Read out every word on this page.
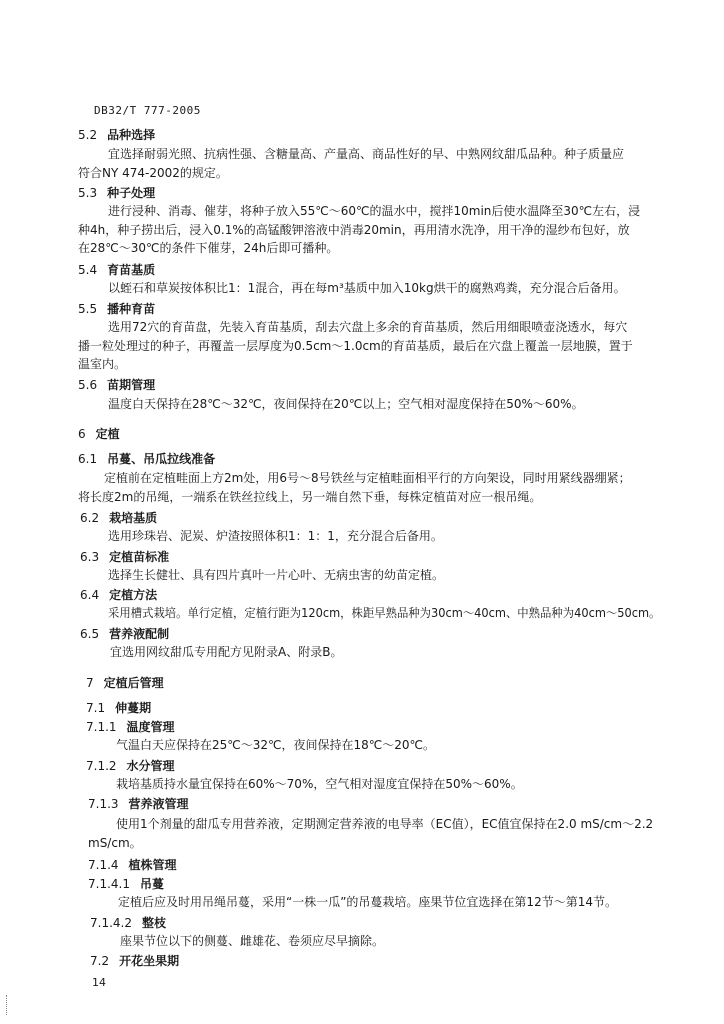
DB32/T 777-2005
5.2 品种选择
宜选择耐弱光照、抗病性强、含糖量高、产量高、商品性好的早、中熟网纹甜瓜品种。种子质量应
符合NY 474-2002的规定。
5.3 种子处理
进行浸种、消毒、催芽，将种子放入55℃～60℃的温水中，搅拌10min后使水温降至30℃左右，浸
种4h，种子捞出后，浸入0.1%的高锰酸钾溶液中消毒20min，再用清水洗净，用干净的湿纱布包好，放
在28℃～30℃的条件下催芽，24h后即可播种。
5.4 育苗基质
以蛭石和草炭按体积比1：1混合，再在每m³基质中加入10kg烘干的腐熟鸡粪，充分混合后备用。
5.5 播种育苗
选用72穴的育苗盘，先装入育苗基质，刮去穴盘上多余的育苗基质，然后用细眼喷壶浇透水，每穴
播一粒处理过的种子，再覆盖一层厚度为0.5cm～1.0cm的育苗基质，最后在穴盘上覆盖一层地膜，置于
温室内。
5.6 苗期管理
温度白天保持在28℃～32℃，夜间保持在20℃以上；空气相对湿度保持在50%～60%。
6 定植
6.1 吊蔓、吊瓜拉线准备
定植前在定植畦面上方2m处，用6号～8号铁丝与定植畦面相平行的方向架设，同时用紧线器绷紧；
将长度2m的吊绳，一端系在铁丝拉线上，另一端自然下垂，每株定植苗对应一根吊绳。
6.2 栽培基质
选用珍珠岩、泥炭、炉渣按照体积1：1：1，充分混合后备用。
6.3 定植苗标准
选择生长健壮、具有四片真叶一片心叶、无病虫害的幼苗定植。
6.4 定植方法
采用槽式栽培。单行定植，定植行距为120cm，株距早熟品种为30cm～40cm、中熟品种为40cm～50cm。
6.5 营养液配制
宜选用网纹甜瓜专用配方见附录A、附录B。
7 定植后管理
7.1 伸蔓期
7.1.1 温度管理
气温白天应保持在25℃～32℃，夜间保持在18℃～20℃。
7.1.2 水分管理
栽培基质持水量宜保持在60%～70%，空气相对湿度宜保持在50%～60%。
7.1.3 营养液管理
使用1个剂量的甜瓜专用营养液，定期测定营养液的电导率（EC值），EC值宜保持在2.0 mS/cm～2.2
mS/cm。
7.1.4 植株管理
7.1.4.1 吊蔓
定植后应及时用吊绳吊蔓，采用“一株一瓜”的吊蔓栽培。座果节位宜选择在第12节～第14节。
7.1.4.2 整枝
座果节位以下的侧蔓、雌雄花、卷须应尽早摘除。
7.2 开花坐果期
14
